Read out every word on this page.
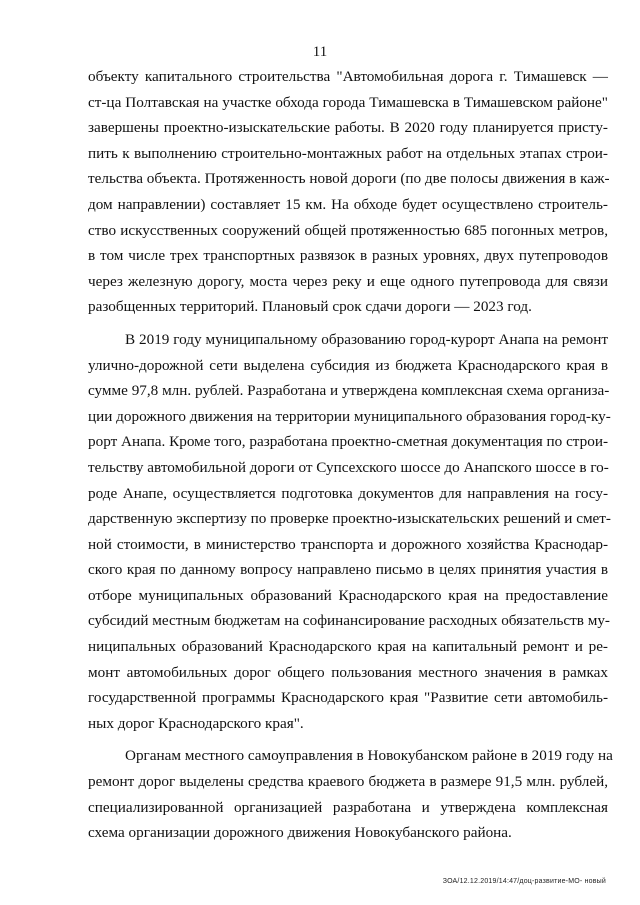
11

объекту капитального строительства "Автомобильная дорога г. Тимашевск —
ст-ца Полтавская на участке обхода города Тимашевска в Тимашевском районе"
завершены проектно-изыскательские работы. В 2020 году планируется присту-
пить к выполнению строительно-монтажных работ на отдельных этапах строи-
тельства объекта. Протяженность новой дороги (по две полосы движения в каж-
дом направлении) составляет 15 км. На обходе будет осуществлено строитель-
ство искусственных сооружений общей протяженностью 685 погонных метров,
в том числе трех транспортных развязок в разных уровнях, двух путепроводов
через железную дорогу, моста через реку и еще одного путепровода для связи
разобщенных территорий. Плановый срок сдачи дороги — 2023 год.

В 2019 году муниципальному образованию город-курорт Анапа на ремонт
улично-дорожной сети выделена субсидия из бюджета Краснодарского края в
сумме 97,8 млн. рублей. Разработана и утверждена комплексная схема организа-
ции дорожного движения на территории муниципального образования город-ку-
рорт Анапа. Кроме того, разработана проектно-сметная документация по строи-
тельству автомобильной дороги от Супсехского шоссе до Анапского шоссе в го-
роде Анапе, осуществляется подготовка документов для направления на госу-
дарственную экспертизу по проверке проектно-изыскательских решений и смет-
ной стоимости, в министерство транспорта и дорожного хозяйства Краснодар-
ского края по данному вопросу направлено письмо в целях принятия участия в
отборе муниципальных образований Краснодарского края на предоставление
субсидий местным бюджетам на софинансирование расходных обязательств му-
ниципальных образований Краснодарского края на капитальный ремонт и ре-
монт автомобильных дорог общего пользования местного значения в рамках
государственной программы Краснодарского края "Развитие сети автомобиль-
ных дорог Краснодарского края".

Органам местного самоуправления в Новокубанском районе в 2019 году на
ремонт дорог выделены средства краевого бюджета в размере 91,5 млн. рублей,
специализированной организацией разработана и утверждена комплексная
схема организации дорожного движения Новокубанского района.

ЗОА/12.12.2019/14:47/доц-развитие-МО- новый
